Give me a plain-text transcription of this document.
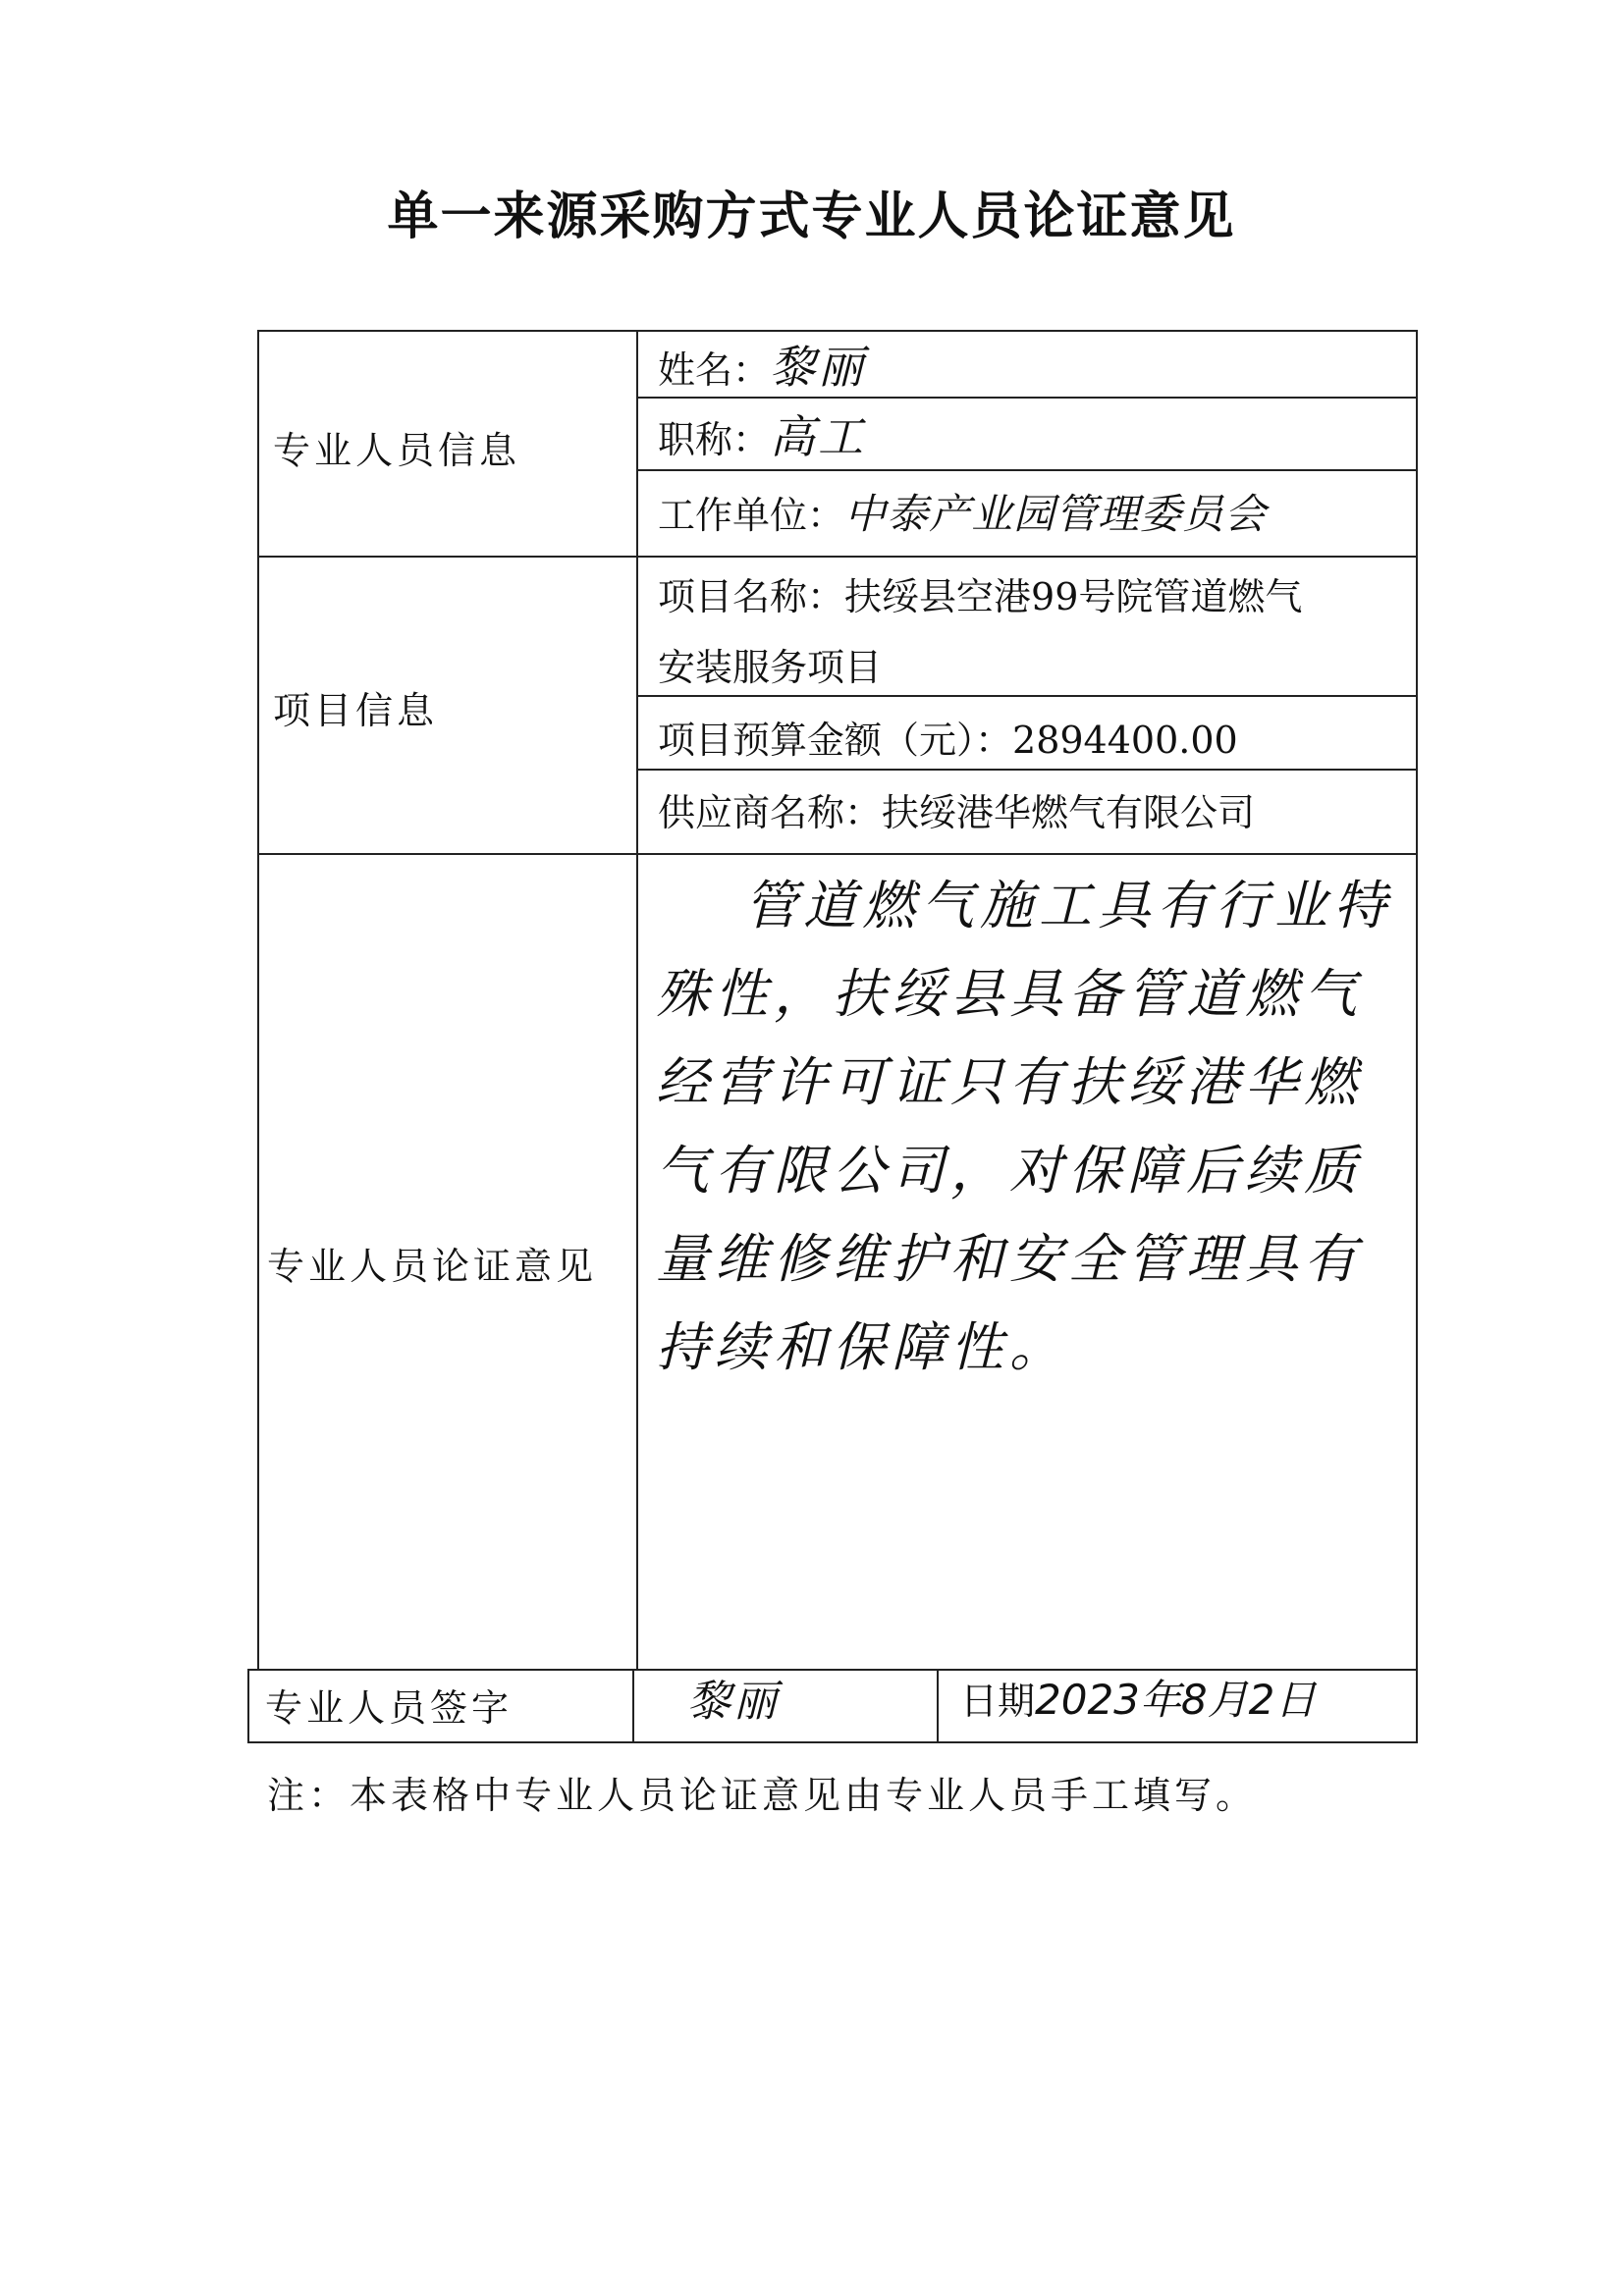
单一来源采购方式专业人员论证意见
专业人员信息
姓名：黎丽
职称：高工
工作单位：中泰产业园管理委员会
项目信息
项目名称：扶绥县空港99号院管道燃气
安装服务项目
项目预算金额（元）：2894400.00
供应商名称：扶绥港华燃气有限公司
专业人员论证意见
管道燃气施工具有行业特殊性，扶绥县具备管道燃气经营许可证只有扶绥港华燃气有限公司，对保障后续质量维修维护和安全管理具有持续和保障性。
专业人员签字	黎丽	日期2023年8月2日
注：本表格中专业人员论证意见由专业人员手工填写。
